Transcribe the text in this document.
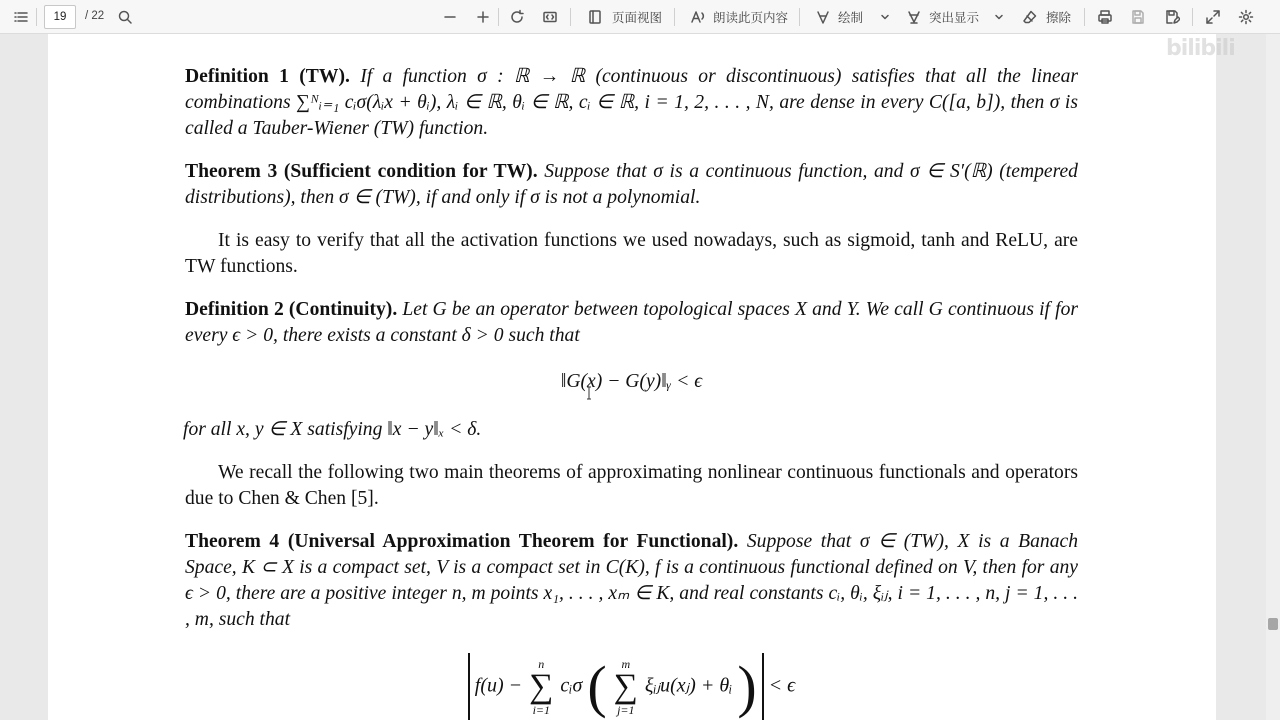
19
/ 22	页面视图	朗读此页内容	绘制	突出显示	擦除

Definition 1 (TW). If a function σ : ℝ → ℝ (continuous or discontinuous) satisfies that all the linear combinations ∑ᴺᵢ₌₁ cᵢσ(λᵢx + θᵢ), λᵢ ∈ ℝ, θᵢ ∈ ℝ, cᵢ ∈ ℝ, i = 1, 2, . . . , N, are dense in every C([a, b]), then σ is called a Tauber-Wiener (TW) function.

Theorem 3 (Sufficient condition for TW). Suppose that σ is a continuous function, and σ ∈ S′(ℝ) (tempered distributions), then σ ∈ (TW), if and only if σ is not a polynomial.

It is easy to verify that all the activation functions we used nowadays, such as sigmoid, tanh and ReLU, are TW functions.

Definition 2 (Continuity). Let G be an operator between topological spaces X and Y. We call G continuous if for every ϵ > 0, there exists a constant δ > 0 such that

‖G(x) − G(y)‖ᵧ < ϵ

for all x, y ∈ X satisfying ‖x − y‖ₓ < δ.

We recall the following two main theorems of approximating nonlinear continuous functionals and operators due to Chen & Chen [5].

Theorem 4 (Universal Approximation Theorem for Functional). Suppose that σ ∈ (TW), X is a Banach Space, K ⊂ X is a compact set, V is a compact set in C(K), f is a continuous functional defined on V, then for any ϵ > 0, there are a positive integer n, m points x₁, . . . , xₘ ∈ K, and real constants cᵢ, θᵢ, ξᵢⱼ, i = 1, . . . , n, j = 1, . . . , m, such that

f(u) −
n
∑
i=1
cᵢσ ( m
∑
j=1
ξᵢⱼu(xⱼ) + θᵢ ) < ϵ
bilibili
